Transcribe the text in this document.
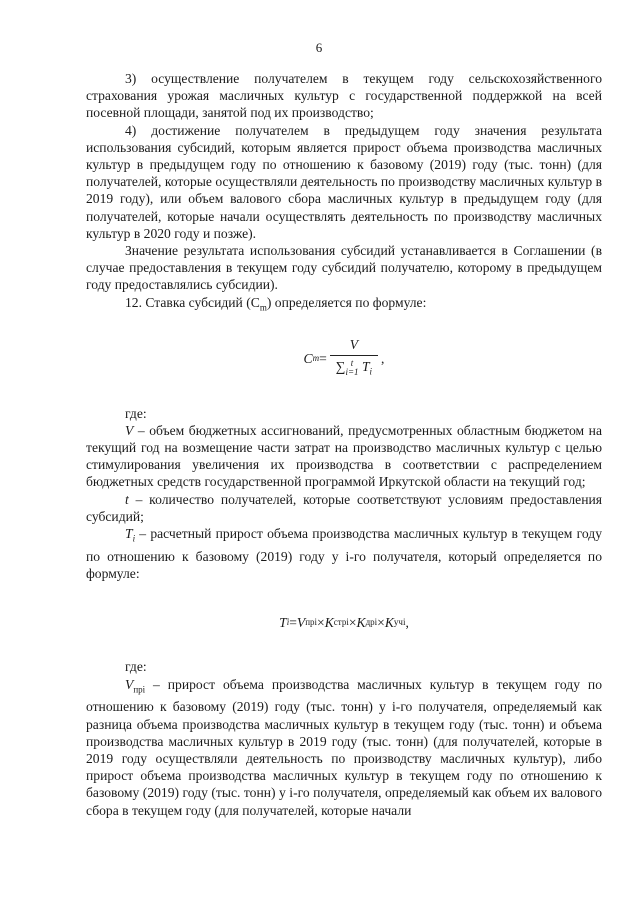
6

3) осуществление получателем в текущем году сельскохозяйственного страхования урожая масличных культур с государственной поддержкой на всей посевной площади, занятой под их производство;

4) достижение получателем в предыдущем году значения результата использования субсидий, которым является прирост объема производства масличных культур в предыдущем году по отношению к базовому (2019) году (тыс. тонн) (для получателей, которые осуществляли деятельность по производству масличных культур в 2019 году), или объем валового сбора масличных культур в предыдущем году (для получателей, которые начали осуществлять деятельность по производству масличных культур в 2020 году и позже).

Значение результата использования субсидий устанавливается в Соглашении (в случае предоставления в текущем году субсидий получателю, которому в предыдущем году предоставлялись субсидии).

12. Ставка субсидий $(С_m)$ определяется по формуле:

C m = V
∑ t
i=1 $T_i$ ,

где:

V – объем бюджетных ассигнований, предусмотренных областным бюджетом на текущий год на возмещение части затрат на производство масличных культур с целью стимулирования увеличения их производства в соответствии с распределением бюджетных средств государственной программой Иркутской области на текущий год;

t – количество получателей, которые соответствуют условиям предоставления субсидий;

$T_i$ – расчетный прирост объема производства масличных культур в текущем году по отношению к базовому (2019) году у i-го получателя, который определяется по формуле:

T i = V прi × K стрi × K дрi × K учi ,

где:

$V_{прi}$ – прирост объема производства масличных культур в текущем году по отношению к базовому (2019) году (тыс. тонн) у i-го получателя, определяемый как разница объема производства масличных культур в текущем году (тыс. тонн) и объема производства масличных культур в 2019 году (тыс. тонн) (для получателей, которые в 2019 году осуществляли деятельность по производству масличных культур), либо прирост объема производства масличных культур в текущем году по отношению к базовому (2019) году (тыс. тонн) у i-го получателя, определяемый как объем их валового сбора в текущем году (для получателей, которые начали
